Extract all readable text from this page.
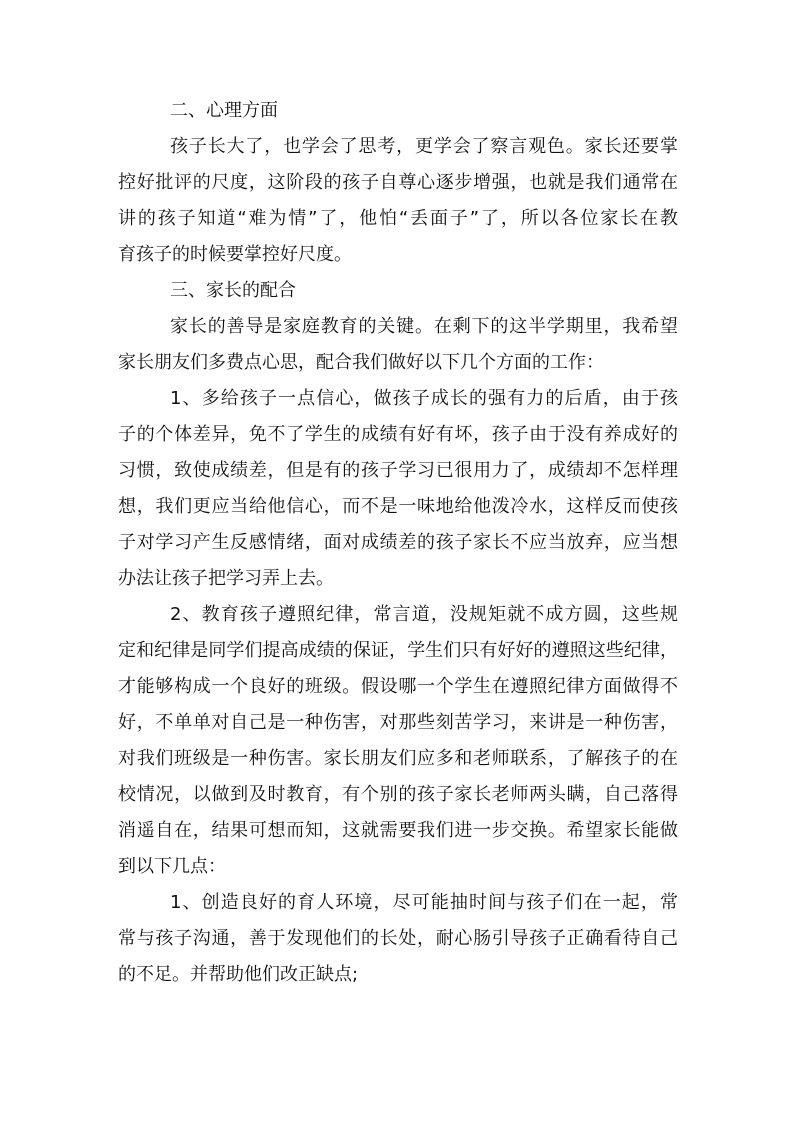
二、心理方面
孩子长大了，也学会了思考，更学会了察言观色。家长还要掌
控好批评的尺度，这阶段的孩子自尊心逐步增强，也就是我们通常在
讲的孩子知道“难为情”了，他怕“丢面子”了，所以各位家长在教
育孩子的时候要掌控好尺度。
三、家长的配合
家长的善导是家庭教育的关键。在剩下的这半学期里，我希望
家长朋友们多费点心思，配合我们做好以下几个方面的工作：
1、多给孩子一点信心，做孩子成长的强有力的后盾，由于孩
子的个体差异，免不了学生的成绩有好有坏，孩子由于没有养成好的
习惯，致使成绩差，但是有的孩子学习已很用力了，成绩却不怎样理
想，我们更应当给他信心，而不是一味地给他泼冷水，这样反而使孩
子对学习产生反感情绪，面对成绩差的孩子家长不应当放弃，应当想
办法让孩子把学习弄上去。
2、教育孩子遵照纪律，常言道，没规矩就不成方圆，这些规
定和纪律是同学们提高成绩的保证，学生们只有好好的遵照这些纪律，
才能够构成一个良好的班级。假设哪一个学生在遵照纪律方面做得不
好，不单单对自己是一种伤害，对那些刻苦学习，来讲是一种伤害，
对我们班级是一种伤害。家长朋友们应多和老师联系，了解孩子的在
校情况，以做到及时教育，有个别的孩子家长老师两头瞒，自己落得
消遥自在，结果可想而知，这就需要我们进一步交换。希望家长能做
到以下几点：
1、创造良好的育人环境，尽可能抽时间与孩子们在一起，常
常与孩子沟通，善于发现他们的长处，耐心肠引导孩子正确看待自己
的不足。并帮助他们改正缺点;
